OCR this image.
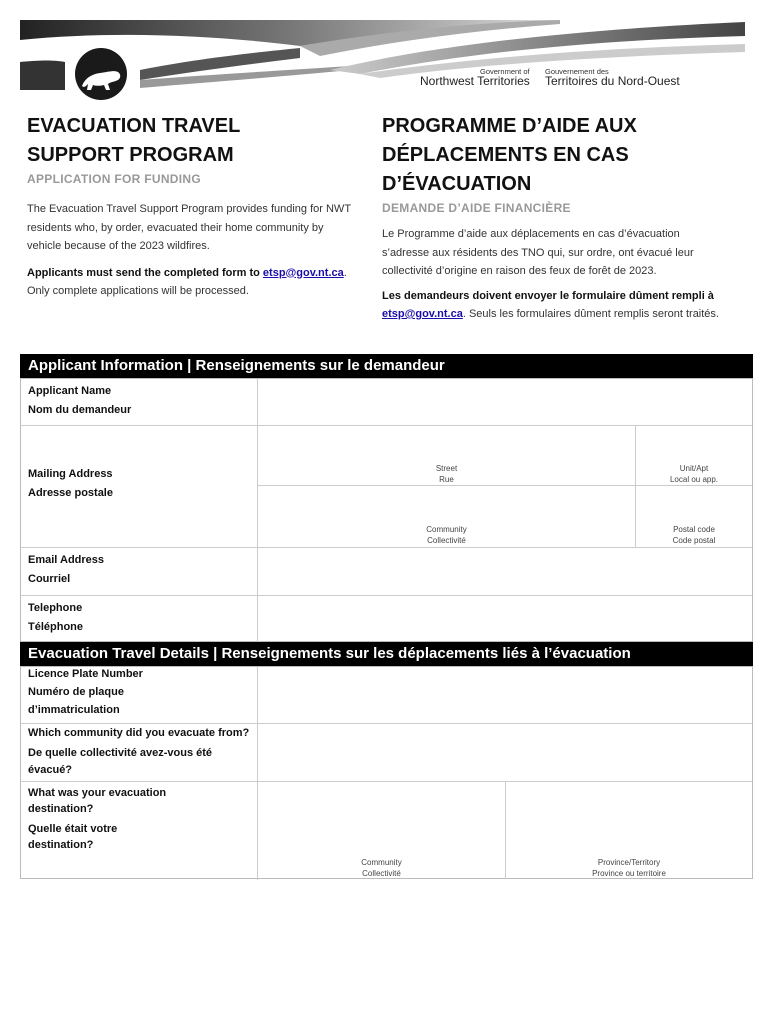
Government of
Northwest Territories
Gouvernement des
Territoires du Nord-Ouest
EVACUATION TRAVEL
SUPPORT PROGRAM
APPLICATION FOR FUNDING
The Evacuation Travel Support Program provides funding for NWT residents who, by order, evacuated their home community by vehicle because of the 2023 wildfires.
Applicants must send the completed form to etsp@gov.nt.ca. Only complete applications will be processed.
PROGRAMME D’AIDE AUX
DÉPLACEMENTS EN CAS
D’ÉVACUATION
DEMANDE D’AIDE FINANCIÈRE
Le Programme d’aide aux déplacements en cas d’évacuation s’adresse aux résidents des TNO qui, sur ordre, ont évacué leur collectivité d’origine en raison des feux de forêt de 2023.
Les demandeurs doivent envoyer le formulaire dûment rempli à etsp@gov.nt.ca. Seuls les formulaires dûment remplis seront traités.
Applicant Information | Renseignements sur le demandeur
Applicant Name
Nom du demandeur
Mailing Address
Adresse postale
Street
Rue
Unit/Apt
Local ou app.
Community
Collectivité
Postal code
Code postal
Email Address
Courriel
Telephone
Téléphone
Evacuation Travel Details | Renseignements sur les déplacements liés à l’évacuation
Licence Plate Number
Numéro de plaque
d’immatriculation
Which community did you evacuate from?
De quelle collectivité avez-vous été
évacué?
What was your evacuation
destination?
Quelle était votre
destination?
Community
Collectivité
Province/Territory
Province ou territoire
